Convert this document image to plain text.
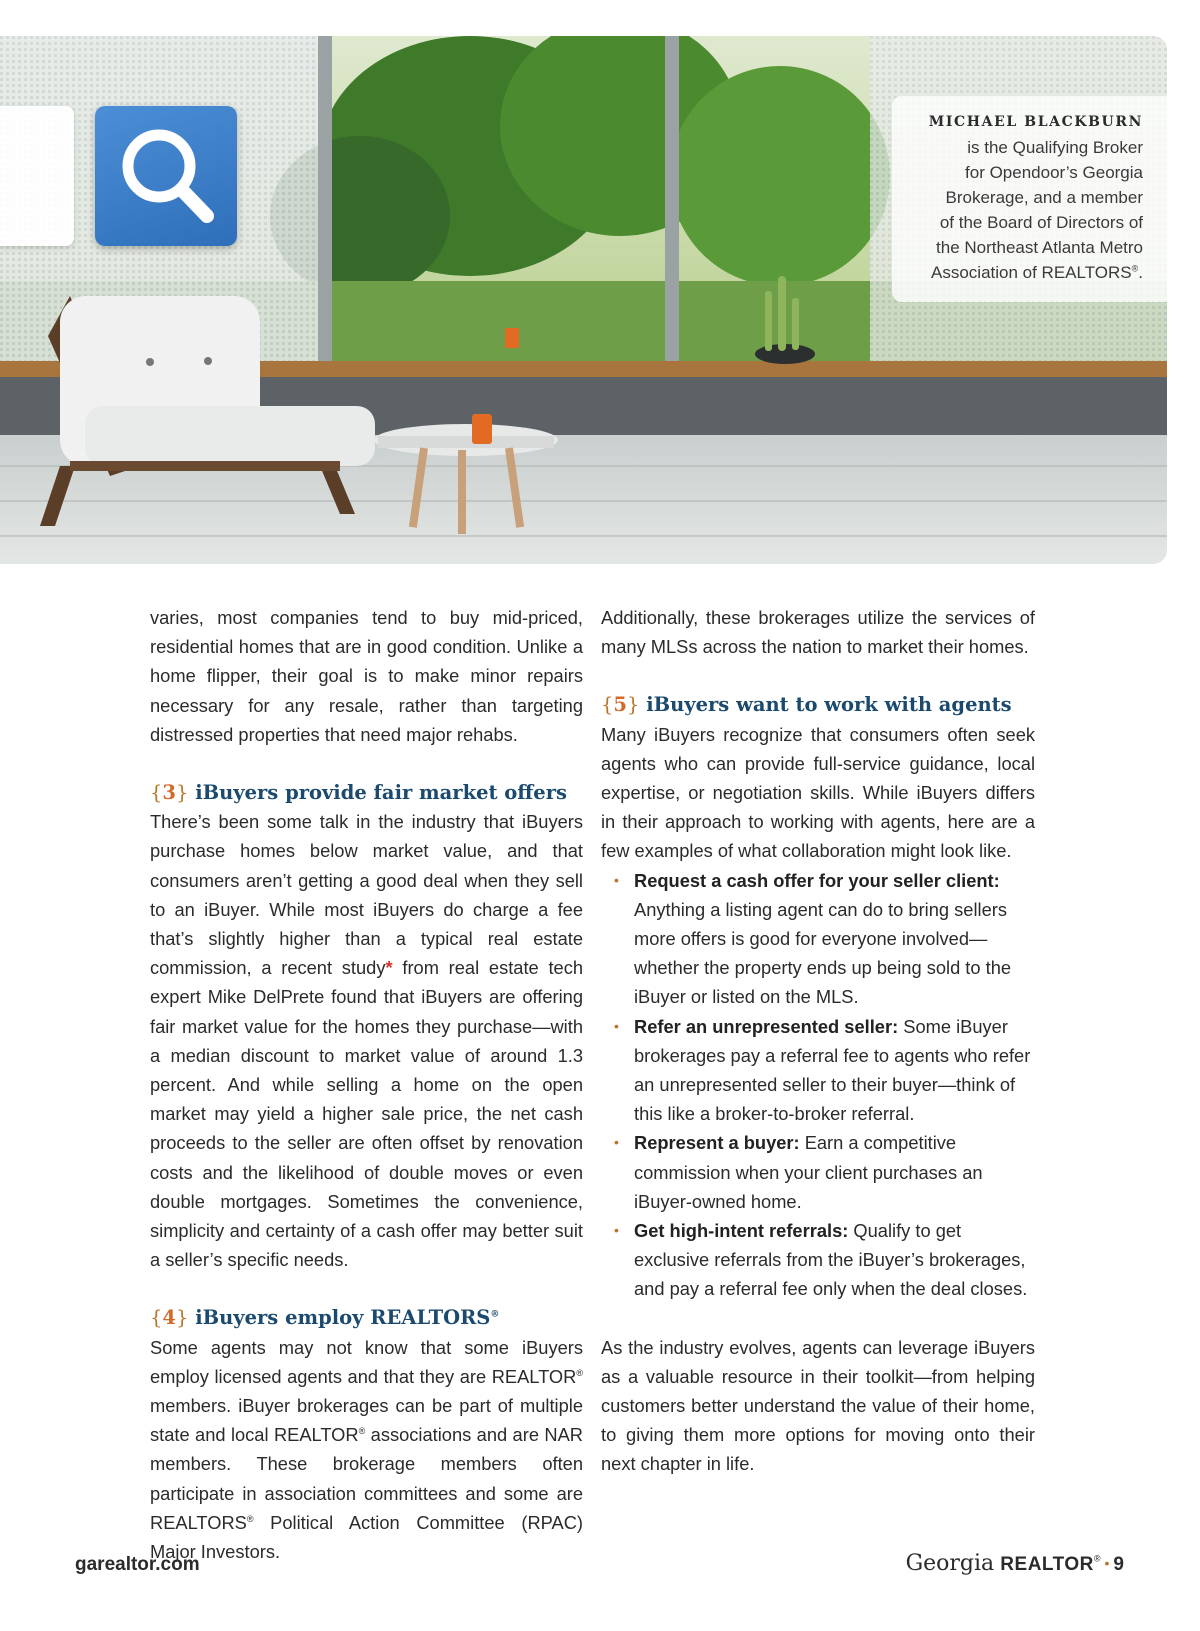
MICHAEL BLACKBURN
is the Qualifying Broker
for Opendoor’s Georgia
Brokerage, and a member
of the Board of Directors of
the Northeast Atlanta Metro
Association of REALTORS®.

varies, most companies tend to buy mid-priced, residential homes that are in good condition. Unlike a home flipper, their goal is to make minor repairs necessary for any resale, rather than targeting distressed properties that need major rehabs.

{3} iBuyers provide fair market offers

There’s been some talk in the industry that iBuyers purchase homes below market value, and that consumers aren’t getting a good deal when they sell to an iBuyer. While most iBuyers do charge a fee that’s slightly higher than a typical real estate commission, a recent study* from real estate tech expert Mike DelPrete found that iBuyers are offering fair market value for the homes they purchase—with a median discount to market value of around 1.3 percent. And while selling a home on the open market may yield a higher sale price, the net cash proceeds to the seller are often offset by renovation costs and the likelihood of double moves or even double mortgages. Sometimes the convenience, simplicity and certainty of a cash offer may better suit a seller’s specific needs.

{4} iBuyers employ REALTORS®

Some agents may not know that some iBuyers employ licensed agents and that they are REALTOR® members. iBuyer brokerages can be part of multiple state and local REALTOR® associations and are NAR members. These brokerage members often participate in association committees and some are REALTORS® Political Action Committee (RPAC) Major Investors.

Additionally, these brokerages utilize the services of many MLSs across the nation to market their homes.

{5} iBuyers want to work with agents

Many iBuyers recognize that consumers often seek agents who can provide full-service guidance, local expertise, or negotiation skills. While iBuyers differs in their approach to working with agents, here are a few examples of what collaboration might look like.

• Request a cash offer for your seller client: Anything a listing agent can do to bring sellers more offers is good for everyone involved—whether the property ends up being sold to the iBuyer or listed on the MLS.
• Refer an unrepresented seller: Some iBuyer brokerages pay a referral fee to agents who refer an unrepresented seller to their buyer—think of this like a broker-to-broker referral.
• Represent a buyer: Earn a competitive commission when your client purchases an iBuyer-owned home.
• Get high-intent referrals: Qualify to get exclusive referrals from the iBuyer’s brokerages, and pay a referral fee only when the deal closes.

As the industry evolves, agents can leverage iBuyers as a valuable resource in their toolkit—from helping customers better understand the value of their home, to giving them more options for moving onto their next chapter in life.

garealtor.com	Georgia REALTOR® • 9
